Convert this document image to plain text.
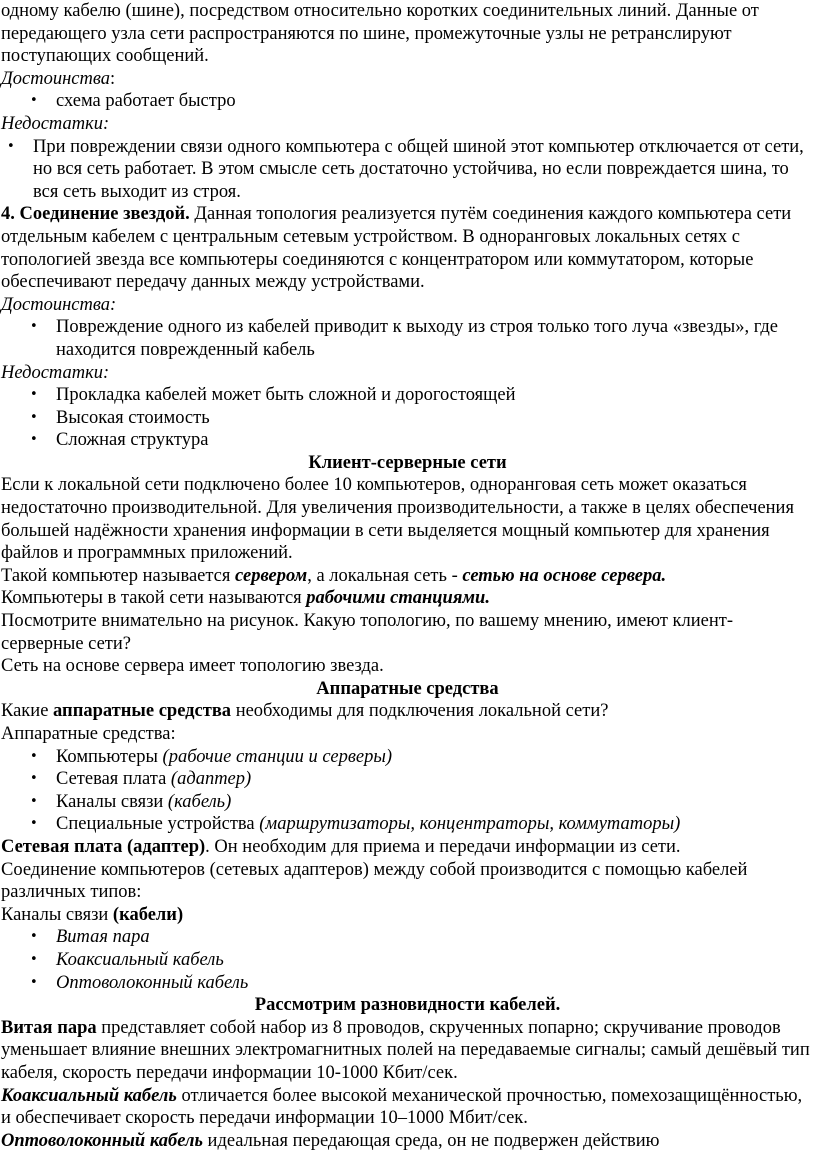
одному кабелю (шине), посредством относительно коротких соединительных линий. Данные от передающего узла сети распространяются по шине, промежуточные узлы не ретранслируют поступающих сообщений.

Достоинства:

• схема работает быстро

Недостатки:

• При повреждении связи одного компьютера с общей шиной этот компьютер отключается от сети, но вся сеть работает. В этом смысле сеть достаточно устойчива, но если повреждается шина, то вся сеть выходит из строя.

4. Соединение звездой. Данная топология реализуется путём соединения каждого компьютера сети отдельным кабелем с центральным сетевым устройством. В одноранговых локальных сетях с топологией звезда все компьютеры соединяются с концентратором или коммутатором, которые обеспечивают передачу данных между устройствами.

Достоинства:

• Повреждение одного из кабелей приводит к выходу из строя только того луча «звезды», где находится поврежденный кабель

Недостатки:

• Прокладка кабелей может быть сложной и дорогостоящей
• Высокая стоимость
• Сложная структура

Клиент-серверные сети

Если к локальной сети подключено более 10 компьютеров, одноранговая сеть может оказаться недостаточно производительной. Для увеличения производительности, а также в целях обеспечения большей надёжности хранения информации в сети выделяется мощный компьютер для хранения файлов и программных приложений.

Такой компьютер называется сервером, а локальная сеть - сетью на основе сервера.

Компьютеры в такой сети называются рабочими станциями.

Посмотрите внимательно на рисунок. Какую топологию, по вашему мнению, имеют клиент-серверные сети?

Сеть на основе сервера имеет топологию звезда.

Аппаратные средства

Какие аппаратные средства необходимы для подключения локальной сети?

Аппаратные средства:

• Компьютеры (рабочие станции и серверы)
• Сетевая плата (адаптер)
• Каналы связи (кабель)
• Специальные устройства (маршрутизаторы, концентраторы, коммутаторы)

Сетевая плата (адаптер). Он необходим для приема и передачи информации из сети.

Соединение компьютеров (сетевых адаптеров) между собой производится с помощью кабелей различных типов:

Каналы связи (кабели)

• Витая пара
• Коаксиальный кабель
• Оптоволоконный кабель

Рассмотрим разновидности кабелей.

Витая пара представляет собой набор из 8 проводов, скрученных попарно; скручивание проводов уменьшает влияние внешних электромагнитных полей на передаваемые сигналы; самый дешёвый тип кабеля, скорость передачи информации 10-1000 Кбит/сек.

Коаксиальный кабель отличается более высокой механической прочностью, помехозащищённостью, и обеспечивает скорость передачи информации 10–1000 Мбит/сек.

Оптоволоконный кабель идеальная передающая среда, он не подвержен действию
